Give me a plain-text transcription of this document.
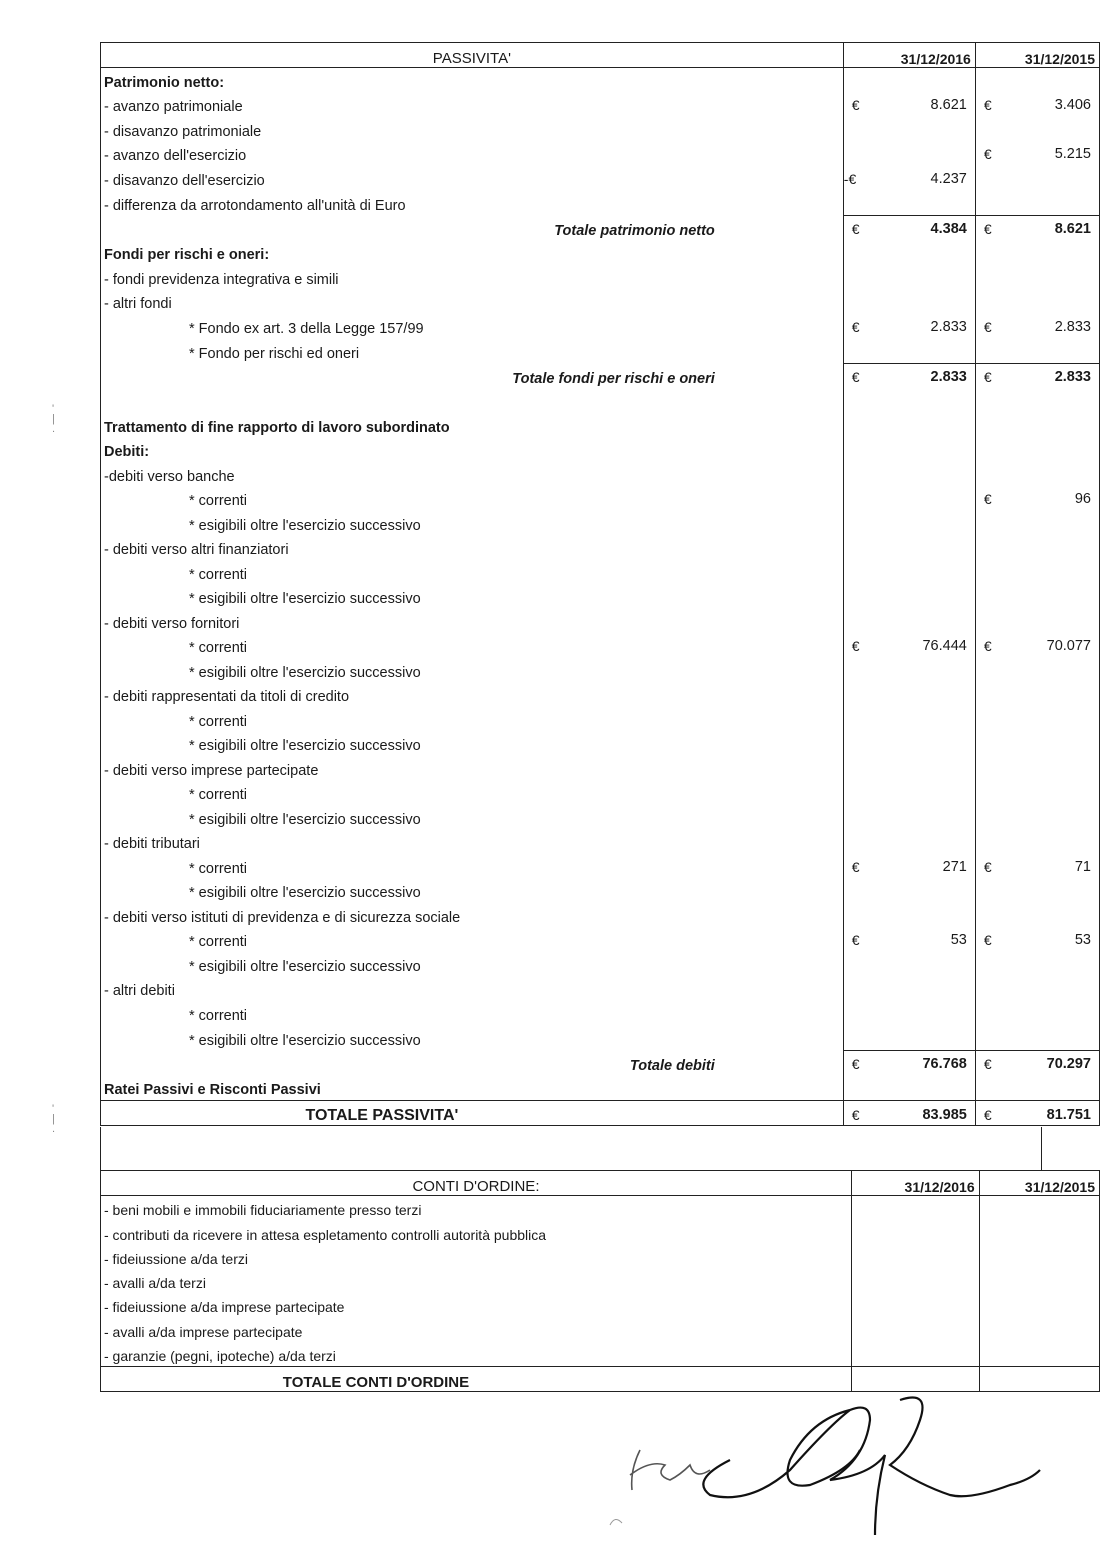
'
|
.
'
|
.
PASSIVITA'	31/12/2016	31/12/2015
Patrimonio netto:		
- avanzo patrimoniale	€ 8.621	€ 3.406

- disavanzo patrimoniale		
- avanzo dell'esercizio		€ 5.215

- disavanzo dell'esercizio	-€ 4.237	

- differenza da arrotondamento all'unità di Euro		
Totale patrimonio netto	€ 4.384	€ 8.621

Fondi per rischi e oneri:		
- fondi previdenza integrativa e simili		
- altri fondi		
* Fondo ex art. 3 della Legge 157/99	€ 2.833	€ 2.833

* Fondo per rischi ed oneri		
Totale fondi per rischi e oneri	€ 2.833	€ 2.833

Trattamento di fine rapporto di lavoro subordinato		
Debiti:		
-debiti verso banche		
* correnti		€ 96

* esigibili oltre l'esercizio successivo		
- debiti verso altri finanziatori		
* correnti		
* esigibili oltre l'esercizio successivo		
- debiti verso fornitori		
* correnti	€ 76.444	€ 70.077

* esigibili oltre l'esercizio successivo		
- debiti rappresentati da titoli di credito		
* correnti		
* esigibili oltre l'esercizio successivo		
- debiti verso imprese partecipate		
* correnti		
* esigibili oltre l'esercizio successivo		
- debiti tributari		
* correnti	€ 271	€ 71

* esigibili oltre l'esercizio successivo		
- debiti verso istituti di previdenza e di sicurezza sociale		
* correnti	€ 53	€ 53

* esigibili oltre l'esercizio successivo		
- altri debiti		
* correnti		
* esigibili oltre l'esercizio successivo		
Totale debiti	€ 76.768	€ 70.297

Ratei Passivi e Risconti Passivi		
TOTALE PASSIVITA'	€ 83.985	€ 81.751
CONTI D'ORDINE:	31/12/2016	31/12/2015
- beni mobili e immobili fiduciariamente presso terzi		
- contributi da ricevere in attesa espletamento controlli autorità pubblica		
- fideiussione a/da terzi		
- avalli a/da terzi		
- fideiussione a/da imprese partecipate		
- avalli a/da imprese partecipate		
- garanzie (pegni, ipoteche) a/da terzi		
TOTALE CONTI D'ORDINE		
